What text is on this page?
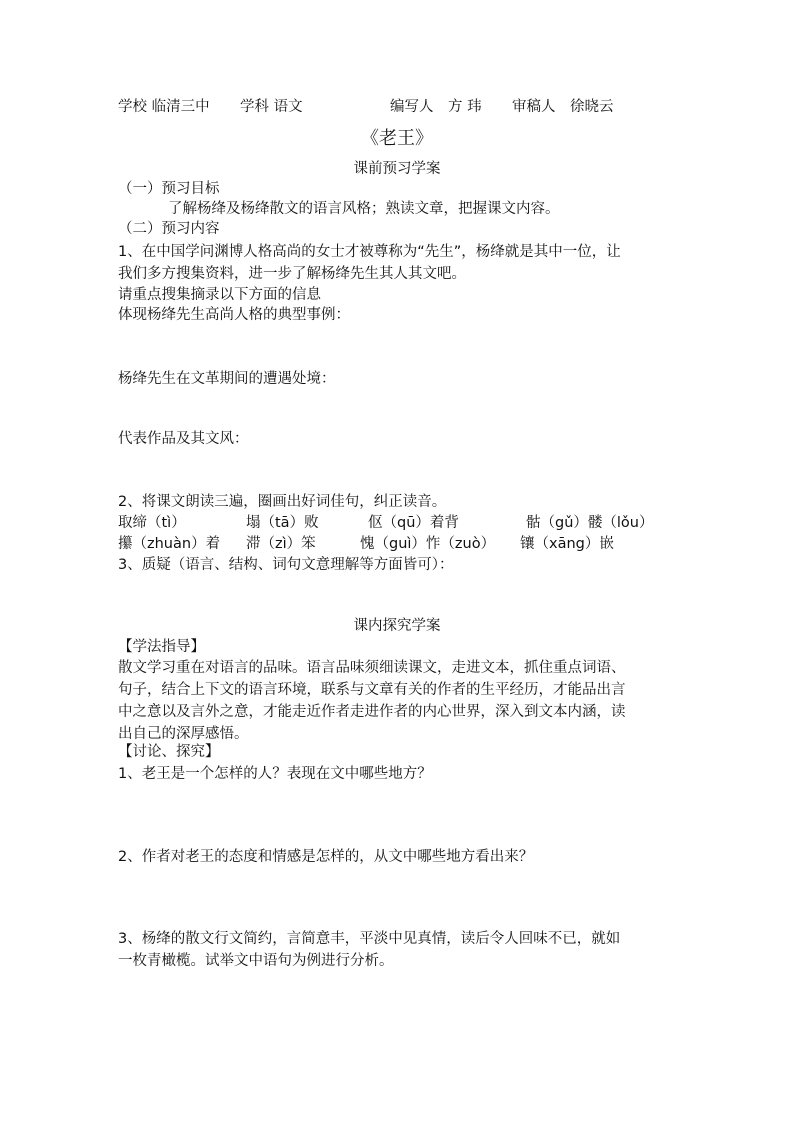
学校 临清三中 学科 语文	编写人　方 玮 审稿人　徐晓云
《老王》
课前预习学案
（一）预习目标
了解杨绛及杨绛散文的语言风格；熟读文章，把握课文内容。
（二）预习内容
1、在中国学问渊博人格高尚的女士才被尊称为“先生”，杨绛就是其中一位，让
我们多方搜集资料，进一步了解杨绛先生其人其文吧。
请重点搜集摘录以下方面的信息
体现杨绛先生高尚人格的典型事例：
杨绛先生在文革期间的遭遇处境：
代表作品及其文风：
2、将课文朗读三遍，圈画出好词佳句，纠正读音。
取缔（tì）	塌（tā）败	伛（qū）着背	骷（gǔ）髅（lǒu）
攥（zhuàn）着 滞（zì）笨	愧（guì）怍（zuò） 镶（xāng）嵌
3、质疑（语言、结构、词句文意理解等方面皆可）：
课内探究学案
【学法指导】
散文学习重在对语言的品味。语言品味须细读课文，走进文本，抓住重点词语、
句子，结合上下文的语言环境，联系与文章有关的作者的生平经历，才能品出言
中之意以及言外之意，才能走近作者走进作者的内心世界，深入到文本内涵，读
出自己的深厚感悟。
【讨论、探究】
1、老王是一个怎样的人？表现在文中哪些地方？
2、作者对老王的态度和情感是怎样的，从文中哪些地方看出来？
3、杨绛的散文行文简约，言简意丰，平淡中见真情，读后令人回味不已，就如
一枚青橄榄。试举文中语句为例进行分析。
